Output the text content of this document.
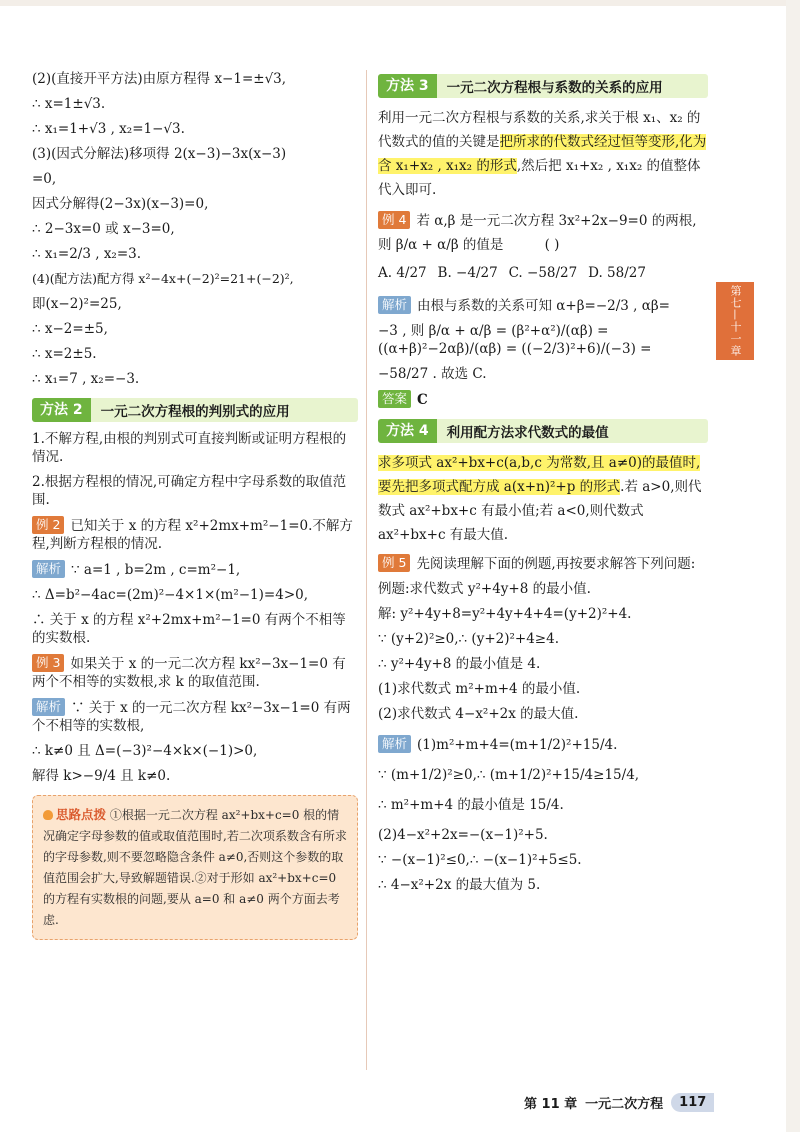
(2)(直接开平方法)由原方程得 x−1=±√3,

∴ x=1±√3.

∴ x₁=1+√3 , x₂=1−√3.

(3)(因式分解法)移项得 2(x−3)−3x(x−3)

=0,

因式分解得(2−3x)(x−3)=0,

∴ 2−3x=0 或 x−3=0,

∴ x₁=2/3 , x₂=3.

(4)(配方法)配方得 x²−4x+(−2)²=21+(−2)²,

即(x−2)²=25,

∴ x−2=±5,

∴ x=2±5.

∴ x₁=7 , x₂=−3.

方法 2	一元二次方程根的判别式的应用

1.不解方程,由根的判别式可直接判断或证明方程根的情况.

2.根据方程根的情况,可确定方程中字母系数的取值范围.

例 2 已知关于 x 的方程 x²+2mx+m²−1=0.不解方程,判断方程根的情况.

解析 ∵ a=1 , b=2m , c=m²−1,

∴ Δ=b²−4ac=(2m)²−4×1×(m²−1)=4>0,

∴ 关于 x 的方程 x²+2mx+m²−1=0 有两个不相等的实数根.

例 3 如果关于 x 的一元二次方程 kx²−3x−1=0 有两个不相等的实数根,求 k 的取值范围.

解析 ∵ 关于 x 的一元二次方程 kx²−3x−1=0 有两个不相等的实数根,

∴ k≠0 且 Δ=(−3)²−4×k×(−1)>0,

解得 k>−9/4 且 k≠0.

思路点拨 ①根据一元二次方程 ax²+bx+c=0 根的情况确定字母参数的值或取值范围时,若二次项系数含有所求的字母参数,则不要忽略隐含条件 a≠0,否则这个参数的取值范围会扩大,导致解题错误.②对于形如 ax²+bx+c=0 的方程有实数根的问题,要从 a=0 和 a≠0 两个方面去考虑.
方法 3	一元二次方程根与系数的关系的应用

利用一元二次方程根与系数的关系,求关于根 x₁、x₂ 的代数式的值的关键是把所求的代数式经过恒等变形,化为含 x₁+x₂ , x₁x₂ 的形式,然后把 x₁+x₂ , x₁x₂ 的值整体代入即可.

例 4 若 α,β 是一元二次方程 3x²+2x−9=0 的两根,则 β/α + α/β 的值是	( )

A. 4/27 B. −4/27 C. −58/27 D. 58/27

解析 由根与系数的关系可知 α+β=−2/3 , αβ=

−3 , 则 β/α + α/β = (β²+α²)/(αβ) = ((α+β)²−2αβ)/(αβ) = ((−2/3)²+6)/(−3) =

−58/27 . 故选 C.

答案 C

方法 4	利用配方法求代数式的最值

求多项式 ax²+bx+c(a,b,c 为常数,且 a≠0)的最值时,要先把多项式配方成 a(x+n)²+p 的形式.若 a>0,则代数式 ax²+bx+c 有最小值;若 a<0,则代数式 ax²+bx+c 有最大值.

例 5 先阅读理解下面的例题,再按要求解答下列问题:

例题:求代数式 y²+4y+8 的最小值.

解: y²+4y+8=y²+4y+4+4=(y+2)²+4.

∵ (y+2)²≥0,∴ (y+2)²+4≥4.

∴ y²+4y+8 的最小值是 4.

(1)求代数式 m²+m+4 的最小值.

(2)求代数式 4−x²+2x 的最大值.

解析 (1)m²+m+4=(m+1/2)²+15/4.

∵ (m+1/2)²≥0,∴ (m+1/2)²+15/4≥15/4,

∴ m²+m+4 的最小值是 15/4.

(2)4−x²+2x=−(x−1)²+5.

∵ −(x−1)²≤0,∴ −(x−1)²+5≤5.

∴ 4−x²+2x 的最大值为 5.

第七—十一章
第 11 章 一元二次方程	117
